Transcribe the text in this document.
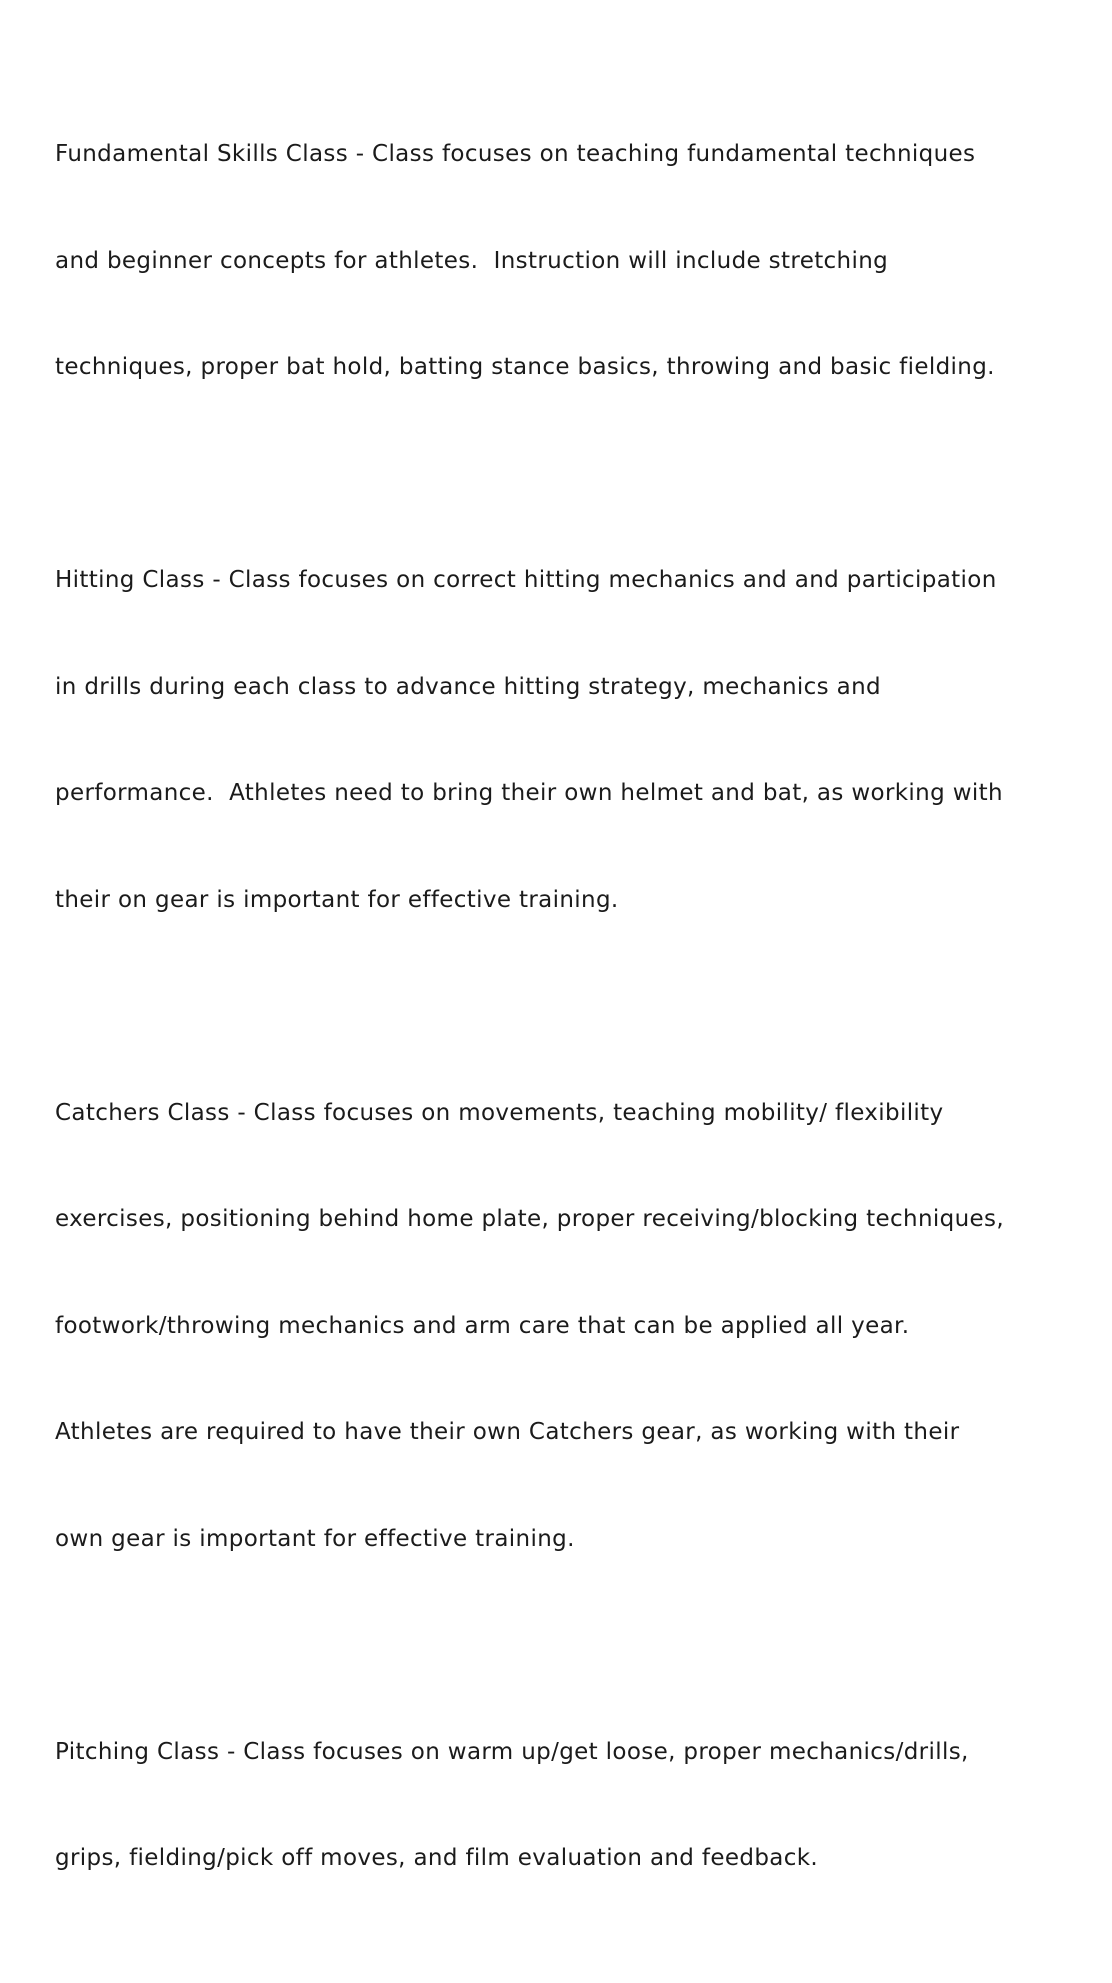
Fundamental Skills Class - Class focuses on teaching fundamental techniques

and beginner concepts for athletes.  Instruction will include stretching

techniques, proper bat hold, batting stance basics, throwing and basic fielding.

Hitting Class - Class focuses on correct hitting mechanics and and participation

in drills during each class to advance hitting strategy, mechanics and

performance.  Athletes need to bring their own helmet and bat, as working with

their on gear is important for effective training.

Catchers Class - Class focuses on movements, teaching mobility/ flexibility

exercises, positioning behind home plate, proper receiving/blocking techniques,

footwork/throwing mechanics and arm care that can be applied all year.

Athletes are required to have their own Catchers gear, as working with their

own gear is important for effective training.

Pitching Class - Class focuses on warm up/get loose, proper mechanics/drills,

grips, fielding/pick off moves, and film evaluation and feedback.
